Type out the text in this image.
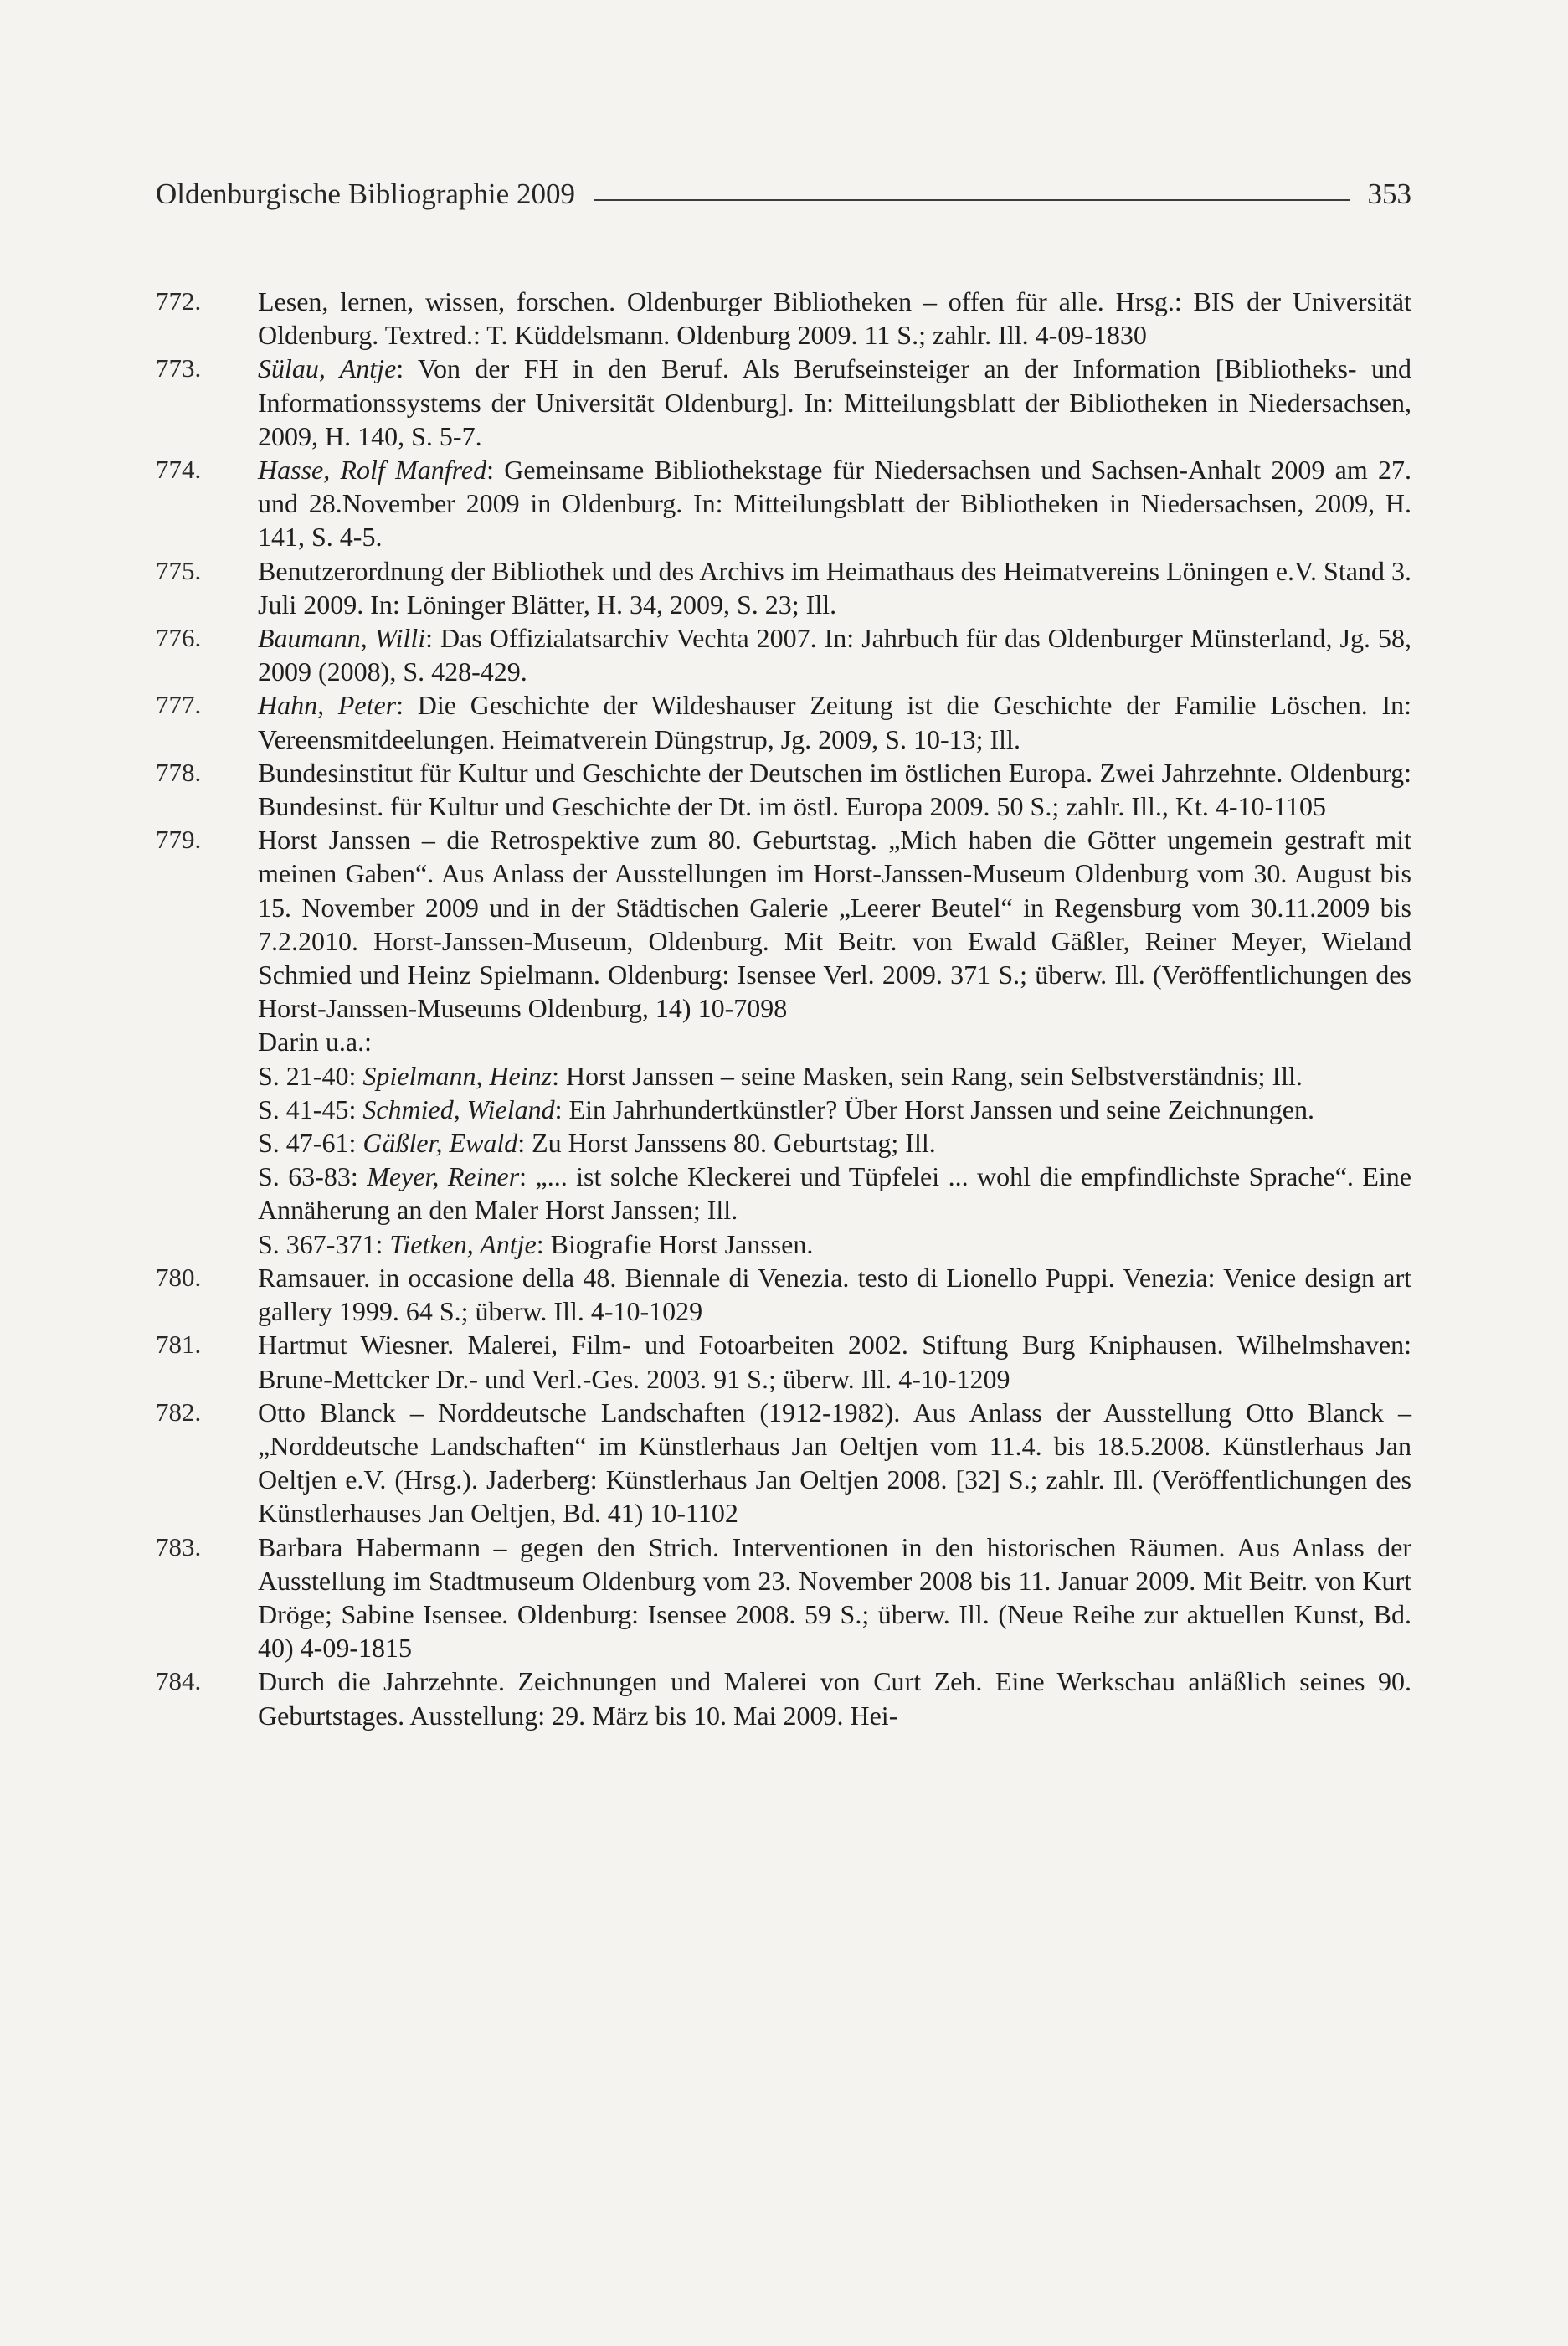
Oldenburgische Bibliographie 2009	353
772.	Lesen, lernen, wissen, forschen. Oldenburger Bibliotheken – offen für alle. Hrsg.: BIS der Universität Oldenburg. Textred.: T. Küddelsmann. Oldenburg 2009. 11 S.; zahlr. Ill. 4-09-1830
773.	Sülau, Antje: Von der FH in den Beruf. Als Berufseinsteiger an der Information [Bibliotheks- und Informationssystems der Universität Oldenburg]. In: Mitteilungsblatt der Bibliotheken in Niedersachsen, 2009, H. 140, S. 5-7.
774.	Hasse, Rolf Manfred: Gemeinsame Bibliothekstage für Niedersachsen und Sachsen-Anhalt 2009 am 27. und 28.November 2009 in Oldenburg. In: Mitteilungsblatt der Bibliotheken in Niedersachsen, 2009, H. 141, S. 4-5.
775.	Benutzerordnung der Bibliothek und des Archivs im Heimathaus des Heimatvereins Löningen e.V. Stand 3. Juli 2009. In: Löninger Blätter, H. 34, 2009, S. 23; Ill.
776.	Baumann, Willi: Das Offizialatsarchiv Vechta 2007. In: Jahrbuch für das Oldenburger Münsterland, Jg. 58, 2009 (2008), S. 428-429.
777.	Hahn, Peter: Die Geschichte der Wildeshauser Zeitung ist die Geschichte der Familie Löschen. In: Vereensmitdeelungen. Heimatverein Düngstrup, Jg. 2009, S. 10-13; Ill.
778.	Bundesinstitut für Kultur und Geschichte der Deutschen im östlichen Europa. Zwei Jahrzehnte. Oldenburg: Bundesinst. für Kultur und Geschichte der Dt. im östl. Europa 2009. 50 S.; zahlr. Ill., Kt. 4-10-1105
779.	Horst Janssen – die Retrospektive zum 80. Geburtstag. „Mich haben die Götter ungemein gestraft mit meinen Gaben“. Aus Anlass der Ausstellungen im Horst-Janssen-Museum Oldenburg vom 30. August bis 15. November 2009 und in der Städtischen Galerie „Leerer Beutel“ in Regensburg vom 30.11.2009 bis 7.2.2010. Horst-Janssen-Museum, Oldenburg. Mit Beitr. von Ewald Gäßler, Reiner Meyer, Wieland Schmied und Heinz Spielmann. Oldenburg: Isensee Verl. 2009. 371 S.; überw. Ill. (Veröffentlichungen des Horst-Janssen-Museums Oldenburg, 14) 10-7098
Darin u.a.:
S. 21-40: Spielmann, Heinz: Horst Janssen – seine Masken, sein Rang, sein Selbstverständnis; Ill.
S. 41-45: Schmied, Wieland: Ein Jahrhundertkünstler? Über Horst Janssen und seine Zeichnungen.
S. 47-61: Gäßler, Ewald: Zu Horst Janssens 80. Geburtstag; Ill.
S. 63-83: Meyer, Reiner: „... ist solche Kleckerei und Tüpfelei ... wohl die empfindlichste Sprache“. Eine Annäherung an den Maler Horst Janssen; Ill.
S. 367-371: Tietken, Antje: Biografie Horst Janssen.
780.	Ramsauer. in occasione della 48. Biennale di Venezia. testo di Lionello Puppi. Venezia: Venice design art gallery 1999. 64 S.; überw. Ill. 4-10-1029
781.	Hartmut Wiesner. Malerei, Film- und Fotoarbeiten 2002. Stiftung Burg Kniphausen. Wilhelmshaven: Brune-Mettcker Dr.- und Verl.-Ges. 2003. 91 S.; überw. Ill. 4-10-1209
782.	Otto Blanck – Norddeutsche Landschaften (1912-1982). Aus Anlass der Ausstellung Otto Blanck – „Norddeutsche Landschaften“ im Künstlerhaus Jan Oeltjen vom 11.4. bis 18.5.2008. Künstlerhaus Jan Oeltjen e.V. (Hrsg.). Jaderberg: Künstlerhaus Jan Oeltjen 2008. [32] S.; zahlr. Ill. (Veröffentlichungen des Künstlerhauses Jan Oeltjen, Bd. 41) 10-1102
783.	Barbara Habermann – gegen den Strich. Interventionen in den historischen Räumen. Aus Anlass der Ausstellung im Stadtmuseum Oldenburg vom 23. November 2008 bis 11. Januar 2009. Mit Beitr. von Kurt Dröge; Sabine Isensee. Oldenburg: Isensee 2008. 59 S.; überw. Ill. (Neue Reihe zur aktuellen Kunst, Bd. 40) 4-09-1815
784.	Durch die Jahrzehnte. Zeichnungen und Malerei von Curt Zeh. Eine Werkschau anläßlich seines 90. Geburtstages. Ausstellung: 29. März bis 10. Mai 2009. Hei-
